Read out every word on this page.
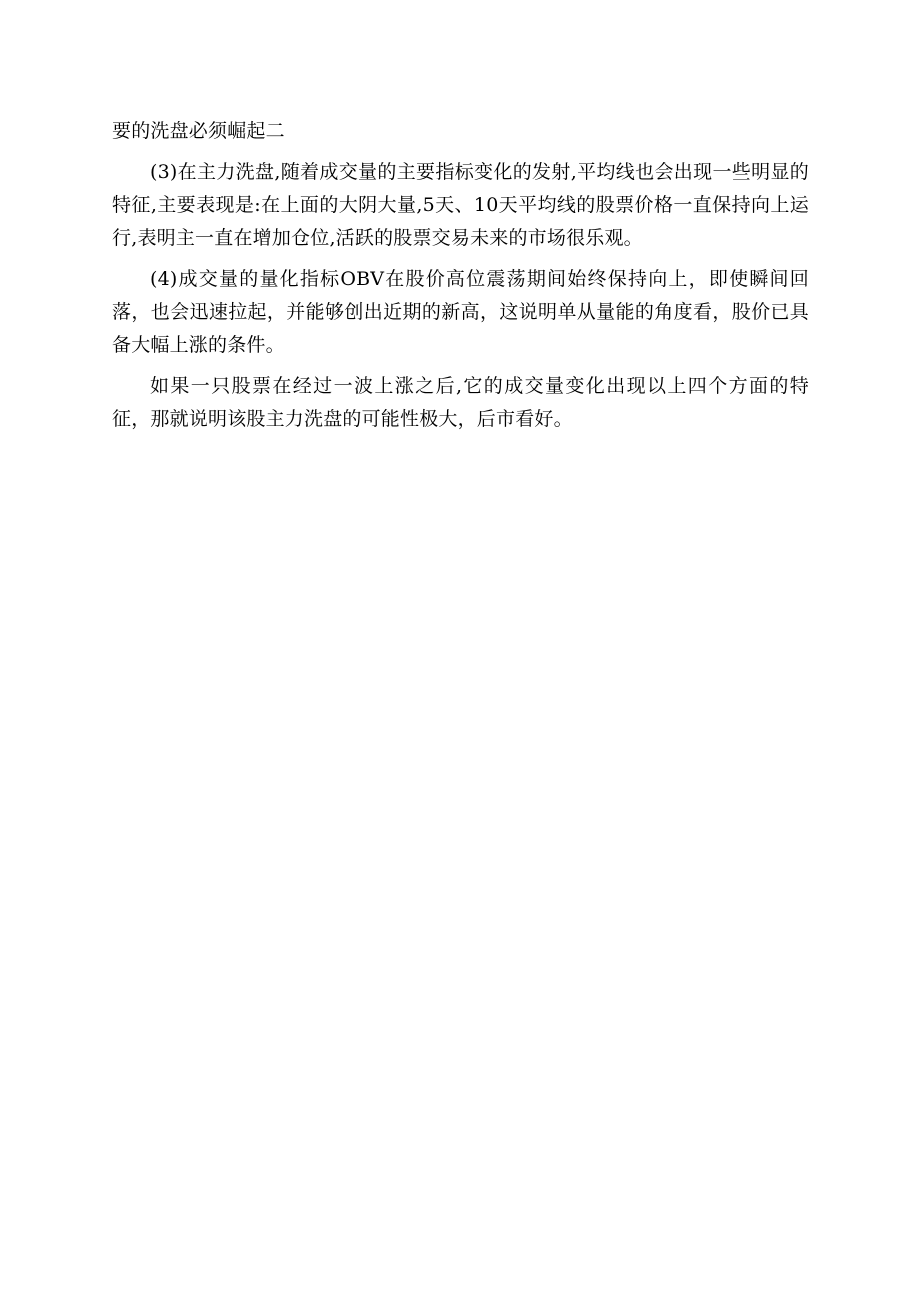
要的洗盘必须崛起二

(3)在主力洗盘,随着成交量的主要指标变化的发射,平均线也会出现一些明显的特征,主要表现是:在上面的大阴大量,5天、10天平均线的股票价格一直保持向上运行,表明主一直在增加仓位,活跃的股票交易未来的市场很乐观。

(4)成交量的量化指标OBV在股价高位震荡期间始终保持向上，即使瞬间回落，也会迅速拉起，并能够创出近期的新高，这说明单从量能的角度看，股价已具备大幅上涨的条件。

如果一只股票在经过一波上涨之后,它的成交量变化出现以上四个方面的特征，那就说明该股主力洗盘的可能性极大，后市看好。
